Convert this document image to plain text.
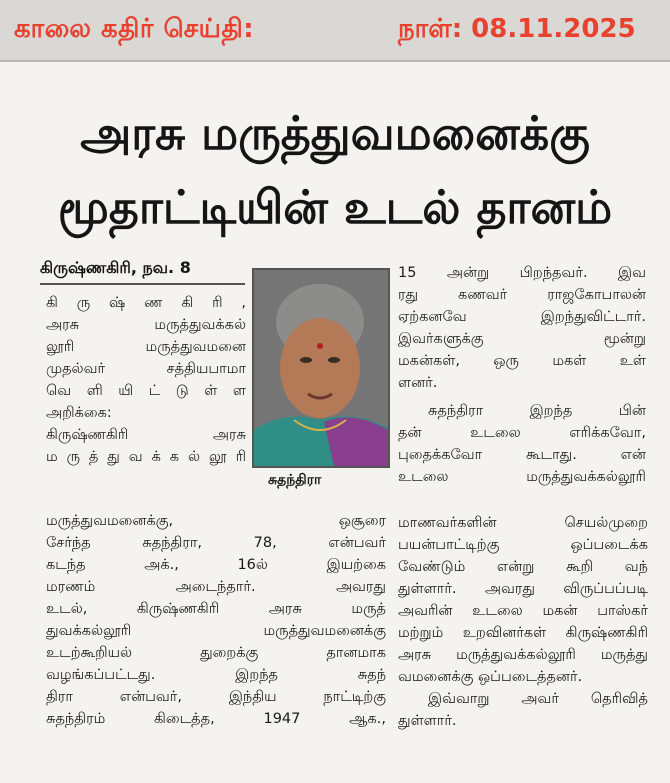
காலை கதிர் செய்தி:	நாள்: 08.11.2025
அரசு மருத்துவமனைக்கு
மூதாட்டியின் உடல் தானம்
கிருஷ்ணகிரி, நவ. 8
சுதந்திரா
கி ரு ஷ் ண கி ரி ,
அரசு மருத்துவக்கல்
லூரி மருத்துவமனை
முதல்வர் சத்தியபாமா
வெ ளி யி ட் டு ள் ள
அறிக்கை:
கிருஷ்ணகிரி அரசு
ம ரு த் து வ க் க ல் லூ ரி
மருத்துவமனைக்கு, ஒசூரை
சேர்ந்த சுதந்திரா, 78, என்பவர்
கடந்த அக்., 16ல் இயற்கை
மரணம் அடைந்தார். அவரது
உடல், கிருஷ்ணகிரி அரசு மருத்
துவக்கல்லூரி மருத்துவமனைக்கு
உடற்கூறியல் துறைக்கு தானமாக
வழங்கப்பட்டது. இறந்த சுதந்
திரா என்பவர், இந்திய நாட்டிற்கு
சுதந்திரம் கிடைத்த, 1947 ஆக.,
15 அன்று பிறந்தவர். இவ
ரது கணவர் ராஜகோபாலன்
ஏற்கனவே இறந்துவிட்டார்.
இவர்களுக்கு மூன்று
மகன்கள், ஒரு மகள் உள்
ளனர்.
சுதந்திரா இறந்த பின்
தன் உடலை எரிக்கவோ,
புதைக்கவோ கூடாது. என்
உடலை மருத்துவக்கல்லூரி
மாணவர்களின் செயல்முறை
பயன்பாட்டிற்கு ஒப்படைக்க
வேண்டும் என்று கூறி வந்
துள்ளார். அவரது விருப்பப்படி
அவரின் உடலை மகன் பாஸ்கர்
மற்றும் உறவினர்கள் கிருஷ்ணகிரி
அரசு மருத்துவக்கல்லூரி மருத்து
வமனைக்கு ஒப்படைத்தனர்.
இவ்வாறு அவர் தெரிவித்
துள்ளார்.
